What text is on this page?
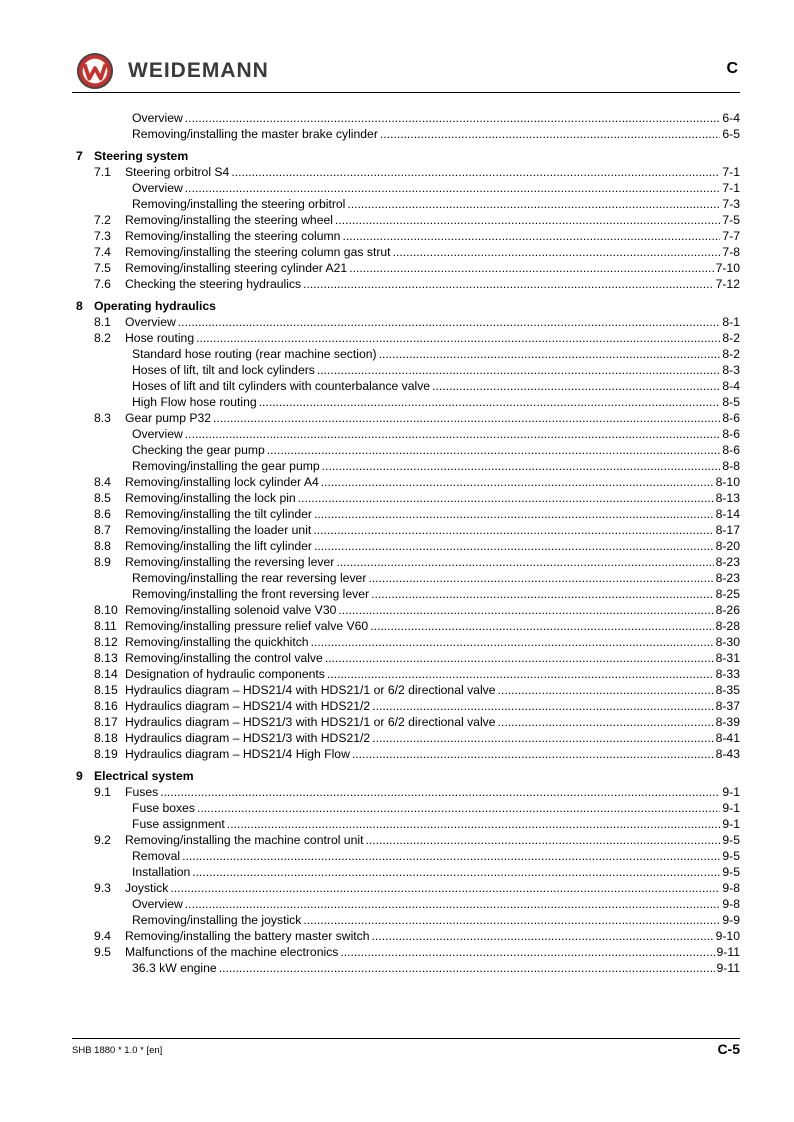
WEIDEMANN	C
Overview .....	6-4
Removing/installing the master brake cylinder .....	6-5
7 Steering system
7.1 Steering orbitrol S4 .....	7-1
Overview .....	7-1
Removing/installing the steering orbitrol .....	7-3
7.2 Removing/installing the steering wheel .....	7-5
7.3 Removing/installing the steering column .....	7-7
7.4 Removing/installing the steering column gas strut .....	7-8
7.5 Removing/installing steering cylinder A21 .....	7-10
7.6 Checking the steering hydraulics .....	7-12
8 Operating hydraulics
8.1 Overview .....	8-1
8.2 Hose routing .....	8-2
Standard hose routing (rear machine section) .....	8-2
Hoses of lift, tilt and lock cylinders .....	8-3
Hoses of lift and tilt cylinders with counterbalance valve .....	8-4
High Flow hose routing .....	8-5
8.3 Gear pump P32 .....	8-6
Overview .....	8-6
Checking the gear pump .....	8-6
Removing/installing the gear pump .....	8-8
8.4 Removing/installing lock cylinder A4 .....	8-10
8.5 Removing/installing the lock pin .....	8-13
8.6 Removing/installing the tilt cylinder .....	8-14
8.7 Removing/installing the loader unit .....	8-17
8.8 Removing/installing the lift cylinder .....	8-20
8.9 Removing/installing the reversing lever .....	8-23
Removing/installing the rear reversing lever .....	8-23
Removing/installing the front reversing lever .....	8-25
8.10 Removing/installing solenoid valve V30 .....	8-26
8.11 Removing/installing pressure relief valve V60 .....	8-28
8.12 Removing/installing the quickhitch .....	8-30
8.13 Removing/installing the control valve .....	8-31
8.14 Designation of hydraulic components .....	8-33
8.15 Hydraulics diagram – HDS21/4 with HDS21/1 or 6/2 directional valve .....	8-35
8.16 Hydraulics diagram – HDS21/4 with HDS21/2 .....	8-37
8.17 Hydraulics diagram – HDS21/3 with HDS21/1 or 6/2 directional valve .....	8-39
8.18 Hydraulics diagram – HDS21/3 with HDS21/2 .....	8-41
8.19 Hydraulics diagram – HDS21/4 High Flow .....	8-43
9 Electrical system
9.1 Fuses .....	9-1
Fuse boxes .....	9-1
Fuse assignment .....	9-1
9.2 Removing/installing the machine control unit .....	9-5
Removal .....	9-5
Installation .....	9-5
9.3 Joystick .....	9-8
Overview .....	9-8
Removing/installing the joystick .....	9-9
9.4 Removing/installing the battery master switch .....	9-10
9.5 Malfunctions of the machine electronics .....	9-11
36.3 kW engine .....	9-11
SHB 1880 * 1.0 * [en]	C-5
